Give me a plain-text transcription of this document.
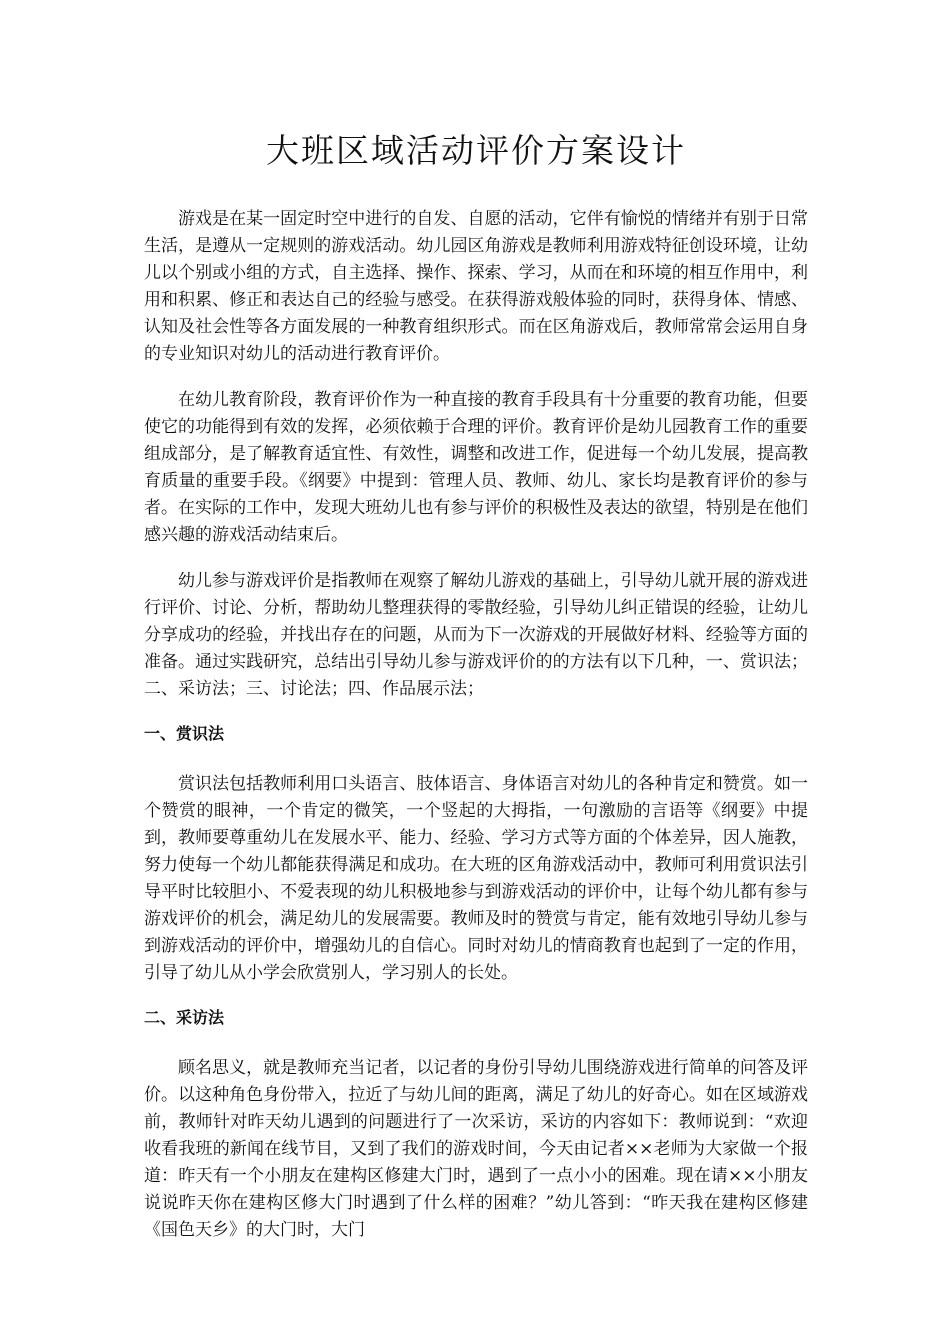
大班区域活动评价方案设计

游戏是在某一固定时空中进行的自发、自愿的活动，它伴有愉悦的情绪并有别于日常生活，是遵从一定规则的游戏活动。幼儿园区角游戏是教师利用游戏特征创设环境，让幼儿以个别或小组的方式，自主选择、操作、探索、学习，从而在和环境的相互作用中，利用和积累、修正和表达自己的经验与感受。在获得游戏般体验的同时，获得身体、情感、认知及社会性等各方面发展的一种教育组织形式。而在区角游戏后，教师常常会运用自身的专业知识对幼儿的活动进行教育评价。

在幼儿教育阶段，教育评价作为一种直接的教育手段具有十分重要的教育功能，但要使它的功能得到有效的发挥，必须依赖于合理的评价。教育评价是幼儿园教育工作的重要组成部分，是了解教育适宜性、有效性，调整和改进工作，促进每一个幼儿发展，提高教育质量的重要手段。《纲要》中提到：管理人员、教师、幼儿、家长均是教育评价的参与者。在实际的工作中，发现大班幼儿也有参与评价的积极性及表达的欲望，特别是在他们感兴趣的游戏活动结束后。

幼儿参与游戏评价是指教师在观察了解幼儿游戏的基础上，引导幼儿就开展的游戏进行评价、讨论、分析，帮助幼儿整理获得的零散经验，引导幼儿纠正错误的经验，让幼儿分享成功的经验，并找出存在的问题，从而为下一次游戏的开展做好材料、经验等方面的准备。通过实践研究，总结出引导幼儿参与游戏评价的的方法有以下几种，一、赏识法；二、采访法；三、讨论法；四、作品展示法；

一、赏识法

赏识法包括教师利用口头语言、肢体语言、身体语言对幼儿的各种肯定和赞赏。如一个赞赏的眼神，一个肯定的微笑，一个竖起的大拇指，一句激励的言语等《纲要》中提到，教师要尊重幼儿在发展水平、能力、经验、学习方式等方面的个体差异，因人施教，努力使每一个幼儿都能获得满足和成功。在大班的区角游戏活动中，教师可利用赏识法引导平时比较胆小、不爱表现的幼儿积极地参与到游戏活动的评价中，让每个幼儿都有参与游戏评价的机会，满足幼儿的发展需要。教师及时的赞赏与肯定，能有效地引导幼儿参与到游戏活动的评价中，增强幼儿的自信心。同时对幼儿的情商教育也起到了一定的作用，引导了幼儿从小学会欣赏别人，学习别人的长处。

二、采访法

顾名思义，就是教师充当记者，以记者的身份引导幼儿围绕游戏进行简单的问答及评价。以这种角色身份带入，拉近了与幼儿间的距离，满足了幼儿的好奇心。如在区域游戏前，教师针对昨天幼儿遇到的问题进行了一次采访，采访的内容如下：教师说到：“欢迎收看我班的新闻在线节目，又到了我们的游戏时间，今天由记者××老师为大家做一个报道：昨天有一个小朋友在建构区修建大门时，遇到了一点小小的困难。现在请××小朋友说说昨天你在建构区修大门时遇到了什么样的困难？”幼儿答到：“昨天我在建构区修建《国色天乡》的大门时，大门
